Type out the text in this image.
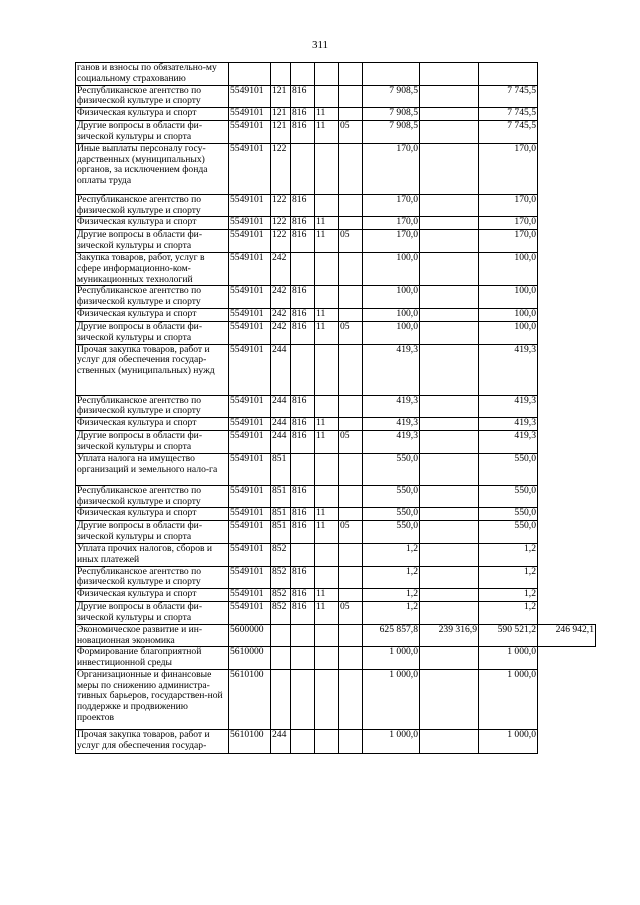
311
ганов и взносы по обязательно-му социальному страхованию									
Республиканское агентство по физической культуре и спорту	5549101	121	816			7 908,5		7 745,5	
Физическая культура и спорт	5549101	121	816	11		7 908,5		7 745,5	
Другие вопросы в области фи-зической культуры и спорта	5549101	121	816	11	05	7 908,5		7 745,5	
Иные выплаты персоналу госу-дарственных (муниципальных) органов, за исключением фонда оплаты труда	5549101	122				170,0		170,0	
Республиканское агентство по физической культуре и спорту	5549101	122	816			170,0		170,0	
Физическая культура и спорт	5549101	122	816	11		170,0		170,0	
Другие вопросы в области фи-зической культуры и спорта	5549101	122	816	11	05	170,0		170,0	
Закупка товаров, работ, услуг в сфере информационно-ком-муникационных технологий	5549101	242				100,0		100,0	
Республиканское агентство по физической культуре и спорту	5549101	242	816			100,0		100,0	
Физическая культура и спорт	5549101	242	816	11		100,0		100,0	
Другие вопросы в области фи-зической культуры и спорта	5549101	242	816	11	05	100,0		100,0	
Прочая закупка товаров, работ и услуг для обеспечения государ-ственных (муниципальных) нужд	5549101	244				419,3		419,3	
Республиканское агентство по физической культуре и спорту	5549101	244	816			419,3		419,3	
Физическая культура и спорт	5549101	244	816	11		419,3		419,3	
Другие вопросы в области фи-зической культуры и спорта	5549101	244	816	11	05	419,3		419,3	
Уплата налога на имущество организаций и земельного нало-га	5549101	851				550,0		550,0	
Республиканское агентство по физической культуре и спорту	5549101	851	816			550,0		550,0	
Физическая культура и спорт	5549101	851	816	11		550,0		550,0	
Другие вопросы в области фи-зической культуры и спорта	5549101	851	816	11	05	550,0		550,0	
Уплата прочих налогов, сборов и иных платежей	5549101	852				1,2		1,2	
Республиканское агентство по физической культуре и спорту	5549101	852	816			1,2		1,2	
Физическая культура и спорт	5549101	852	816	11		1,2		1,2	
Другие вопросы в области фи-зической культуры и спорта	5549101	852	816	11	05	1,2		1,2	
Экономическое развитие и ин-новационная экономика	5600000					625 857,8	239 316,9	590 521,2	246 942,1
Формирование благоприятной инвестиционной среды	5610000					1 000,0		1 000,0	
Организационные и финансовые меры по снижению администра-тивных барьеров, государствен-ной поддержке и продвижению проектов	5610100					1 000,0		1 000,0	
Прочая закупка товаров, работ и услуг для обеспечения государ-	5610100	244				1 000,0		1 000,0	
